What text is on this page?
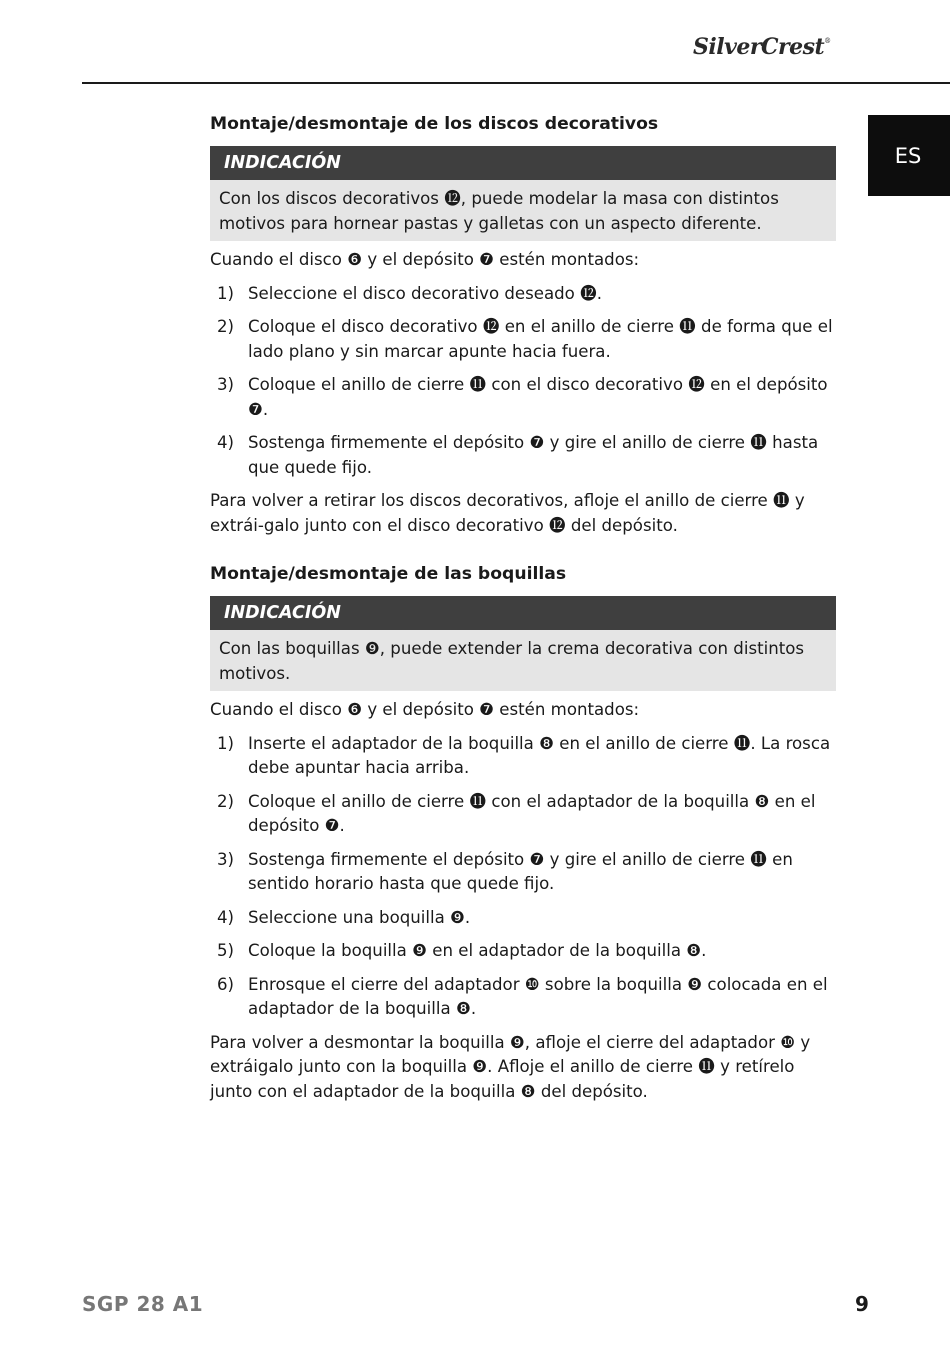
SilverCrest®
ES
Montaje/desmontaje de los discos decorativos
INDICACIÓN
Con los discos decorativos ⓬, puede modelar la masa con distintos motivos para hornear pastas y galletas con un aspecto diferente.

Cuando el disco ❻ y el depósito ❼ estén montados:

1) Seleccione el disco decorativo deseado ⓬.
2) Coloque el disco decorativo ⓬ en el anillo de cierre ⓫ de forma que el lado plano y sin marcar apunte hacia fuera.
3) Coloque el anillo de cierre ⓫ con el disco decorativo ⓬ en el depósito ❼.
4) Sostenga firmemente el depósito ❼ y gire el anillo de cierre ⓫ hasta que quede fijo.

Para volver a retirar los discos decorativos, afloje el anillo de cierre ⓫ y extrái-galo junto con el disco decorativo ⓬ del depósito.

Montaje/desmontaje de las boquillas
INDICACIÓN
Con las boquillas ❾, puede extender la crema decorativa con distintos motivos.

Cuando el disco ❻ y el depósito ❼ estén montados:

1) Inserte el adaptador de la boquilla ❽ en el anillo de cierre ⓫. La rosca debe apuntar hacia arriba.
2) Coloque el anillo de cierre ⓫ con el adaptador de la boquilla ❽ en el depósito ❼.
3) Sostenga firmemente el depósito ❼ y gire el anillo de cierre ⓫ en sentido horario hasta que quede fijo.
4) Seleccione una boquilla ❾.
5) Coloque la boquilla ❾ en el adaptador de la boquilla ❽.
6) Enrosque el cierre del adaptador ❿ sobre la boquilla ❾ colocada en el adaptador de la boquilla ❽.

Para volver a desmontar la boquilla ❾, afloje el cierre del adaptador ❿ y extráigalo junto con la boquilla ❾. Afloje el anillo de cierre ⓫ y retírelo junto con el adaptador de la boquilla ❽ del depósito.

SGP 28 A1	9
